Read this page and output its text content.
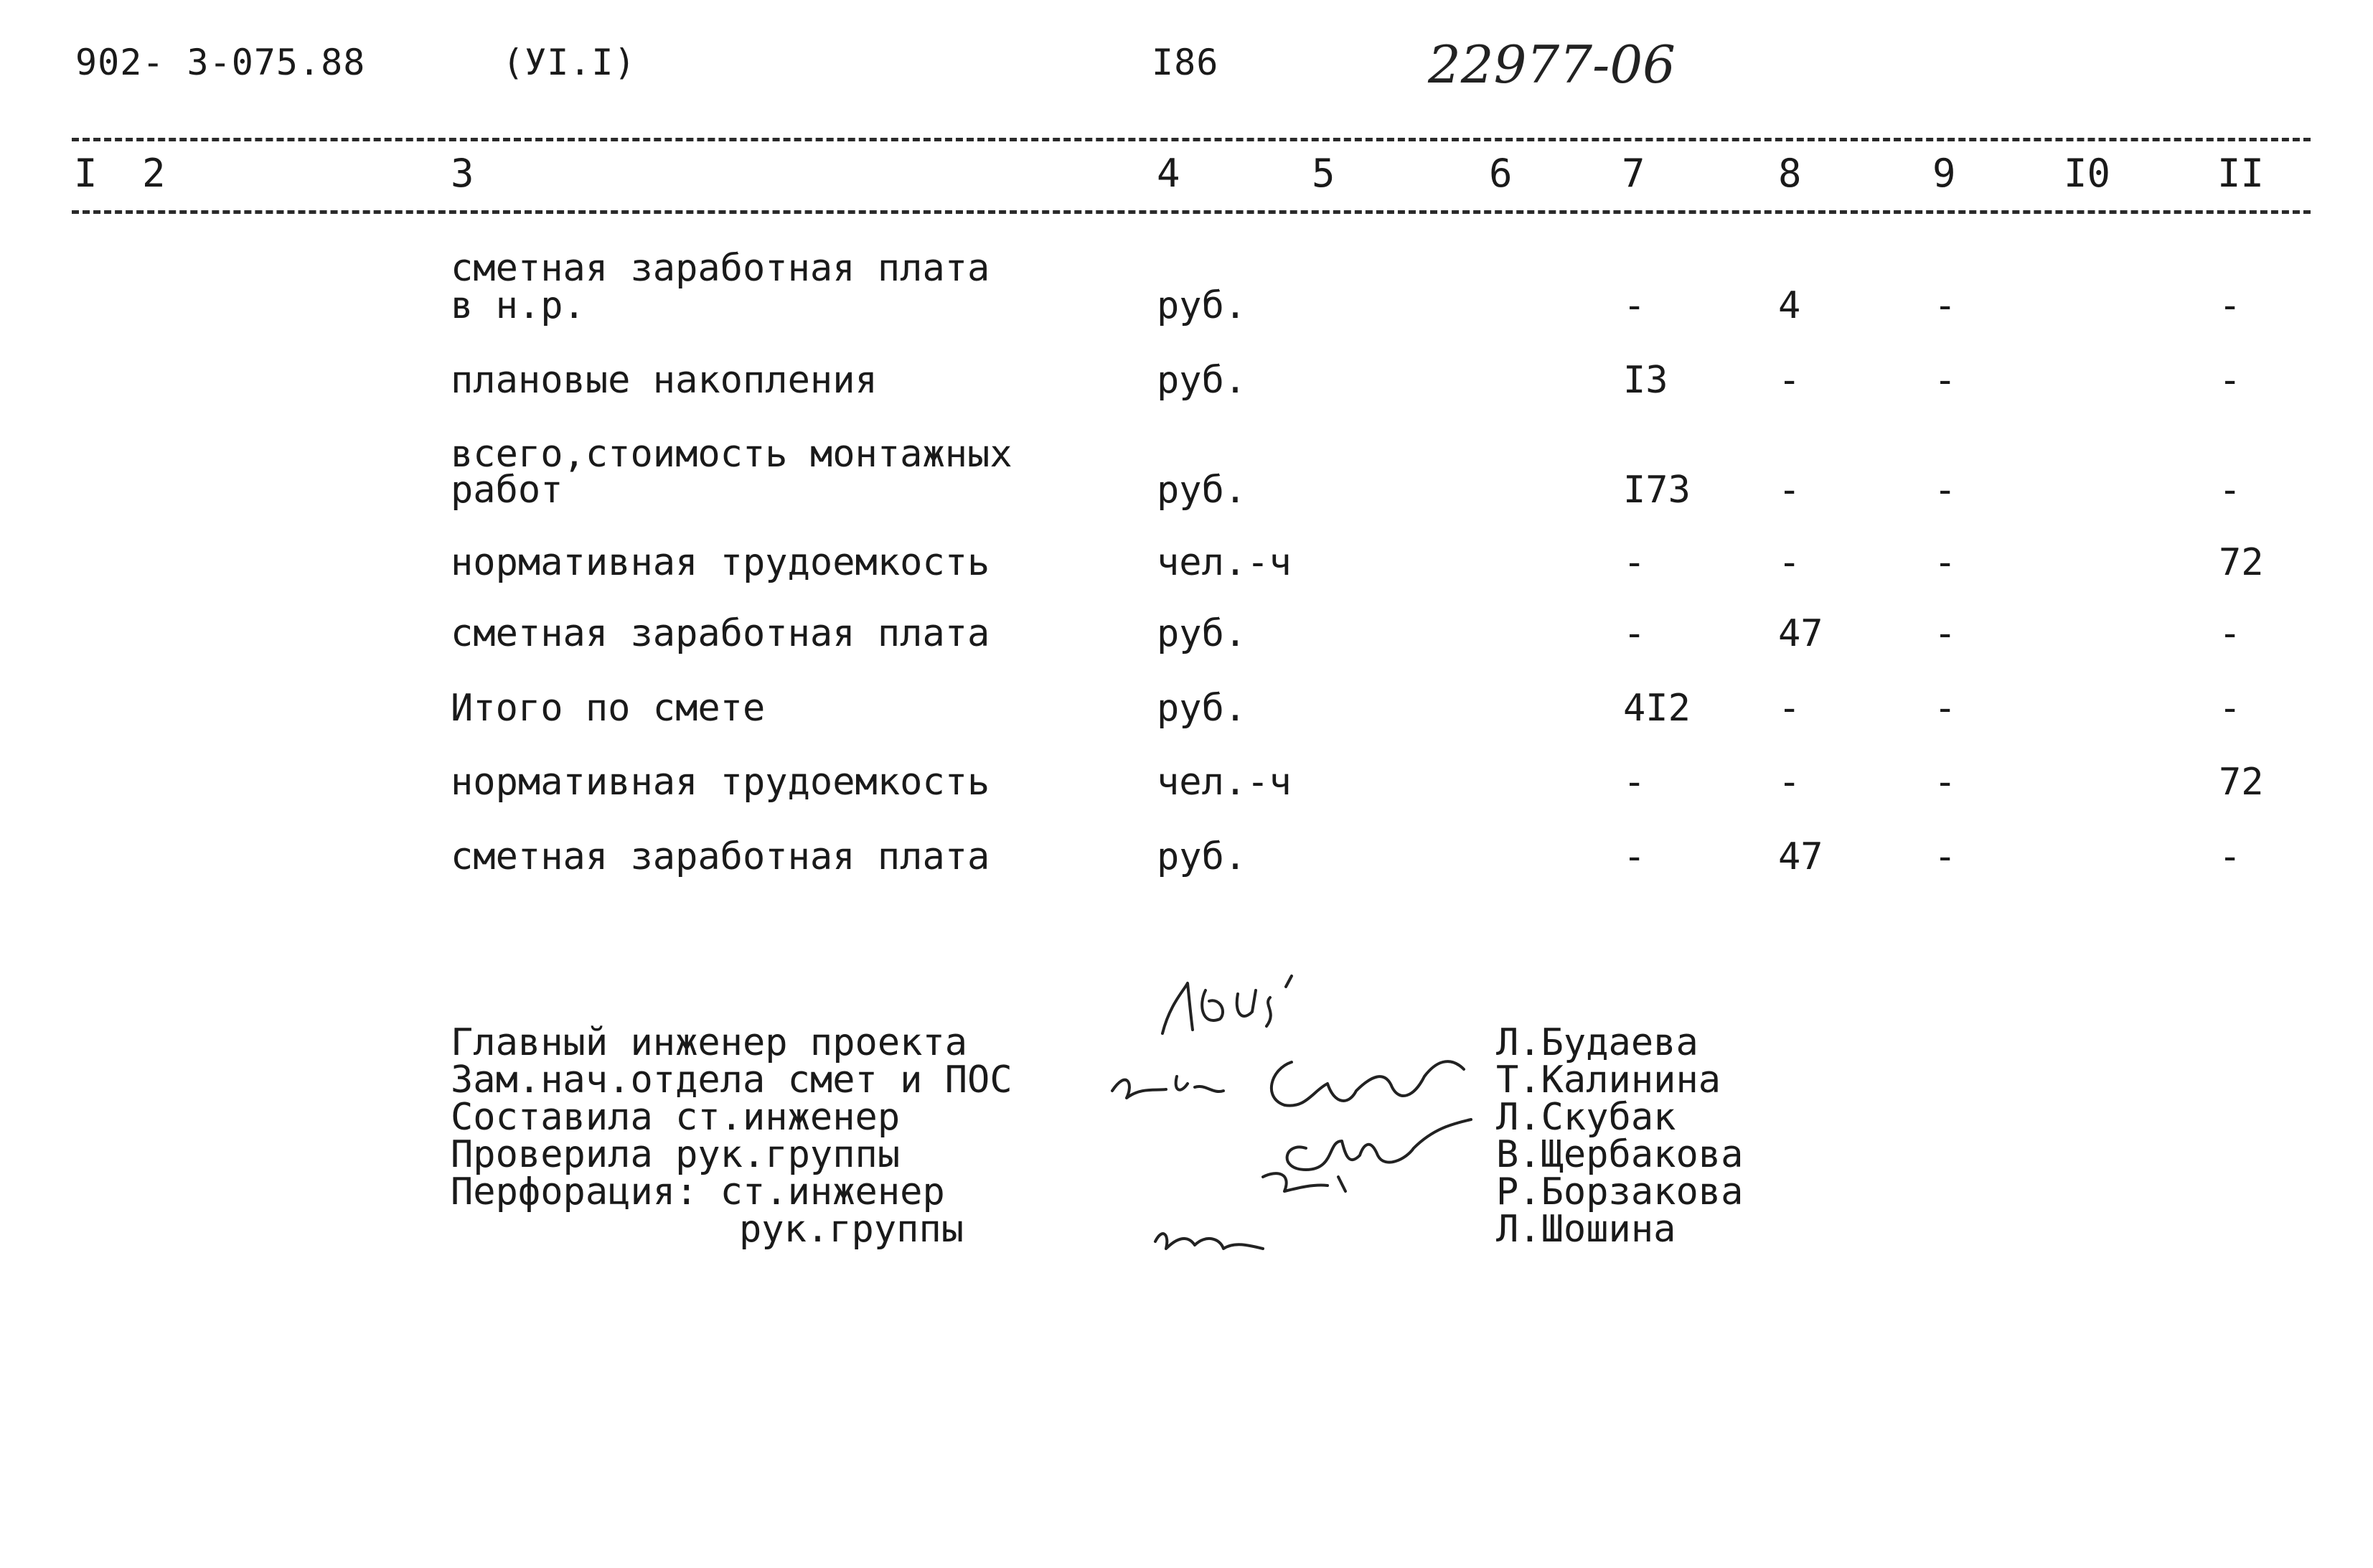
902- 3-075.88	(УI.I)	I86	22977-06
I 2	3	4	5	6	7	8	9	I0	II
сметная заработная плата
в н.р.	руб.	-	4	-	-
плановые накопления	руб.	I3	-	-	-
всего,стоимость монтажных
работ	руб.	I73 -	-	-
нормативная трудоемкость	чел.-ч	-	-	-	72
сметная заработная плата	руб.	-	47	-	-
Итого по смете	руб.	4I2 -	-	-
нормативная трудоемкость	чел.-ч	-	-	-	72
сметная заработная плата	руб.	-	47	-	-
Главный инженер проекта
Зам.нач.отдела смет и ПОС
Составила ст.инженер
Проверила рук.группы
Перфорация: ст.инженер
рук.группы
Л.Будаева
Т.Калинина
Л.Скубак
В.Щербакова
Р.Борзакова
Л.Шошина
